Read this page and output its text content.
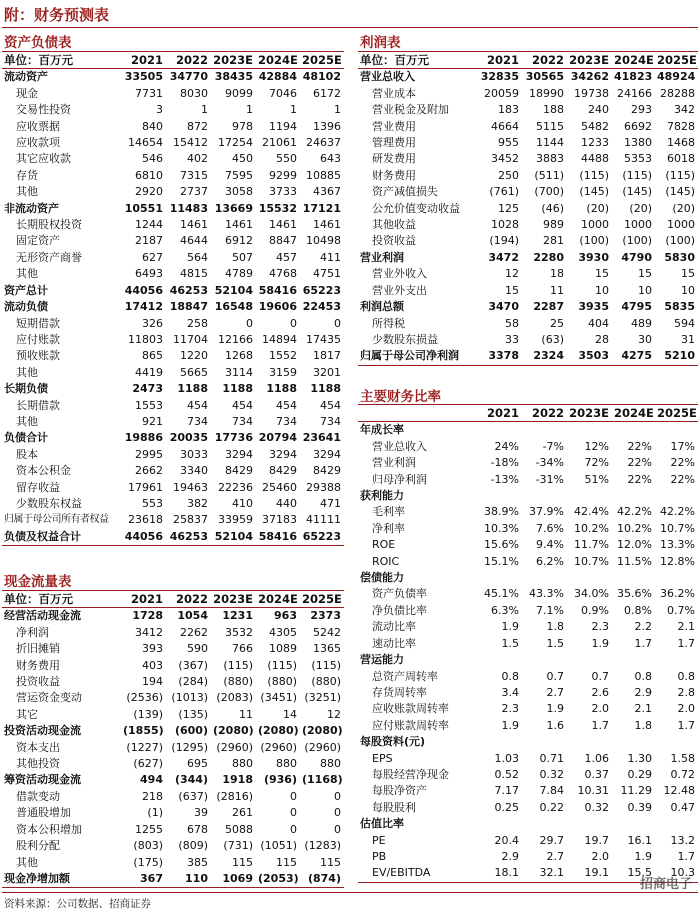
附：财务预测表
资产负债表
单位：百万元	2021	2022	2023E	2024E	2025E
流动资产	33505	34770	38435	42884	48102
现金	7731	8030	9099	7046	6172
交易性投资	3	1	1	1	1
应收票据	840	872	978	1194	1396
应收款项	14654	15412	17254	21061	24637
其它应收款	546	402	450	550	643
存货	6810	7315	7595	9299	10885
其他	2920	2737	3058	3733	4367
非流动资产	10551	11483	13669	15532	17121
长期股权投资	1244	1461	1461	1461	1461
固定资产	2187	4644	6912	8847	10498
无形资产商誉	627	564	507	457	411
其他	6493	4815	4789	4768	4751
资产总计	44056	46253	52104	58416	65223
流动负债	17412	18847	16548	19606	22453
短期借款	326	258	0	0	0
应付账款	11803	11704	12166	14894	17435
预收账款	865	1220	1268	1552	1817
其他	4419	5665	3114	3159	3201
长期负债	2473	1188	1188	1188	1188
长期借款	1553	454	454	454	454
其他	921	734	734	734	734
负债合计	19886	20035	17736	20794	23641
股本	2995	3033	3294	3294	3294
资本公积金	2662	3340	8429	8429	8429
留存收益	17961	19463	22236	25460	29388
少数股东权益	553	382	410	440	471
归属于母公司所有者权益	23618	25837	33959	37183	41111
负债及权益合计	44056	46253	52104	58416	65223
现金流量表
单位：百万元	2021	2022	2023E	2024E	2025E
经营活动现金流	1728	1054	1231	963	2373
净利润	3412	2262	3532	4305	5242
折旧摊销	393	590	766	1089	1365
财务费用	403	(367)	(115)	(115)	(115)
投资收益	194	(284)	(880)	(880)	(880)
营运资金变动	(2536)	(1013)	(2083)	(3451)	(3251)
其它	(139)	(135)	11	14	12
投资活动现金流	(1855)	(600)	(2080)	(2080)	(2080)
资本支出	(1227)	(1295)	(2960)	(2960)	(2960)
其他投资	(627)	695	880	880	880
筹资活动现金流	494	(344)	1918	(936)	(1168)
借款变动	218	(637)	(2816)	0	0
普通股增加	(1)	39	261	0	0
资本公积增加	1255	678	5088	0	0
股利分配	(803)	(809)	(731)	(1051)	(1283)
其他	(175)	385	115	115	115
现金净增加额	367	110	1069	(2053)	(874)
利润表
单位：百万元	2021	2022	2023E	2024E	2025E
营业总收入	32835	30565	34262	41823	48924
营业成本	20059	18990	19738	24166	28288
营业税金及附加	183	188	240	293	342
营业费用	4664	5115	5482	6692	7828
管理费用	955	1144	1233	1380	1468
研发费用	3452	3883	4488	5353	6018
财务费用	250	(511)	(115)	(115)	(115)
资产减值损失	(761)	(700)	(145)	(145)	(145)
公允价值变动收益	125	(46)	(20)	(20)	(20)
其他收益	1028	989	1000	1000	1000
投资收益	(194)	281	(100)	(100)	(100)
营业利润	3472	2280	3930	4790	5830
营业外收入	12	18	15	15	15
营业外支出	15	11	10	10	10
利润总额	3470	2287	3935	4795	5835
所得税	58	25	404	489	594
少数股东损益	33	(63)	28	30	31
归属于母公司净利润	3378	2324	3503	4275	5210
主要财务比率
	2021	2022	2023E	2024E	2025E
年成长率					
营业总收入	24%	-7%	12%	22%	17%
营业利润	-18%	-34%	72%	22%	22%
归母净利润	-13%	-31%	51%	22%	22%
获利能力					
毛利率	38.9%	37.9%	42.4%	42.2%	42.2%
净利率	10.3%	7.6%	10.2%	10.2%	10.7%
ROE	15.6%	9.4%	11.7%	12.0%	13.3%
ROIC	15.1%	6.2%	10.7%	11.5%	12.8%
偿债能力					
资产负债率	45.1%	43.3%	34.0%	35.6%	36.2%
净负债比率	6.3%	7.1%	0.9%	0.8%	0.7%
流动比率	1.9	1.8	2.3	2.2	2.1
速动比率	1.5	1.5	1.9	1.7	1.7
营运能力					
总资产周转率	0.8	0.7	0.7	0.8	0.8
存货周转率	3.4	2.7	2.6	2.9	2.8
应收账款周转率	2.3	1.9	2.0	2.1	2.0
应付账款周转率	1.9	1.6	1.7	1.8	1.7
每股资料(元)					
EPS	1.03	0.71	1.06	1.30	1.58
每股经营净现金	0.52	0.32	0.37	0.29	0.72
每股净资产	7.17	7.84	10.31	11.29	12.48
每股股利	0.25	0.22	0.32	0.39	0.47
估值比率					
PE	20.4	29.7	19.7	16.1	13.2
PB	2.9	2.7	2.0	1.9	1.7
EV/EBITDA	18.1	32.1	19.1	15.5	10.3
资料来源：公司数据、招商证券
招商电子
